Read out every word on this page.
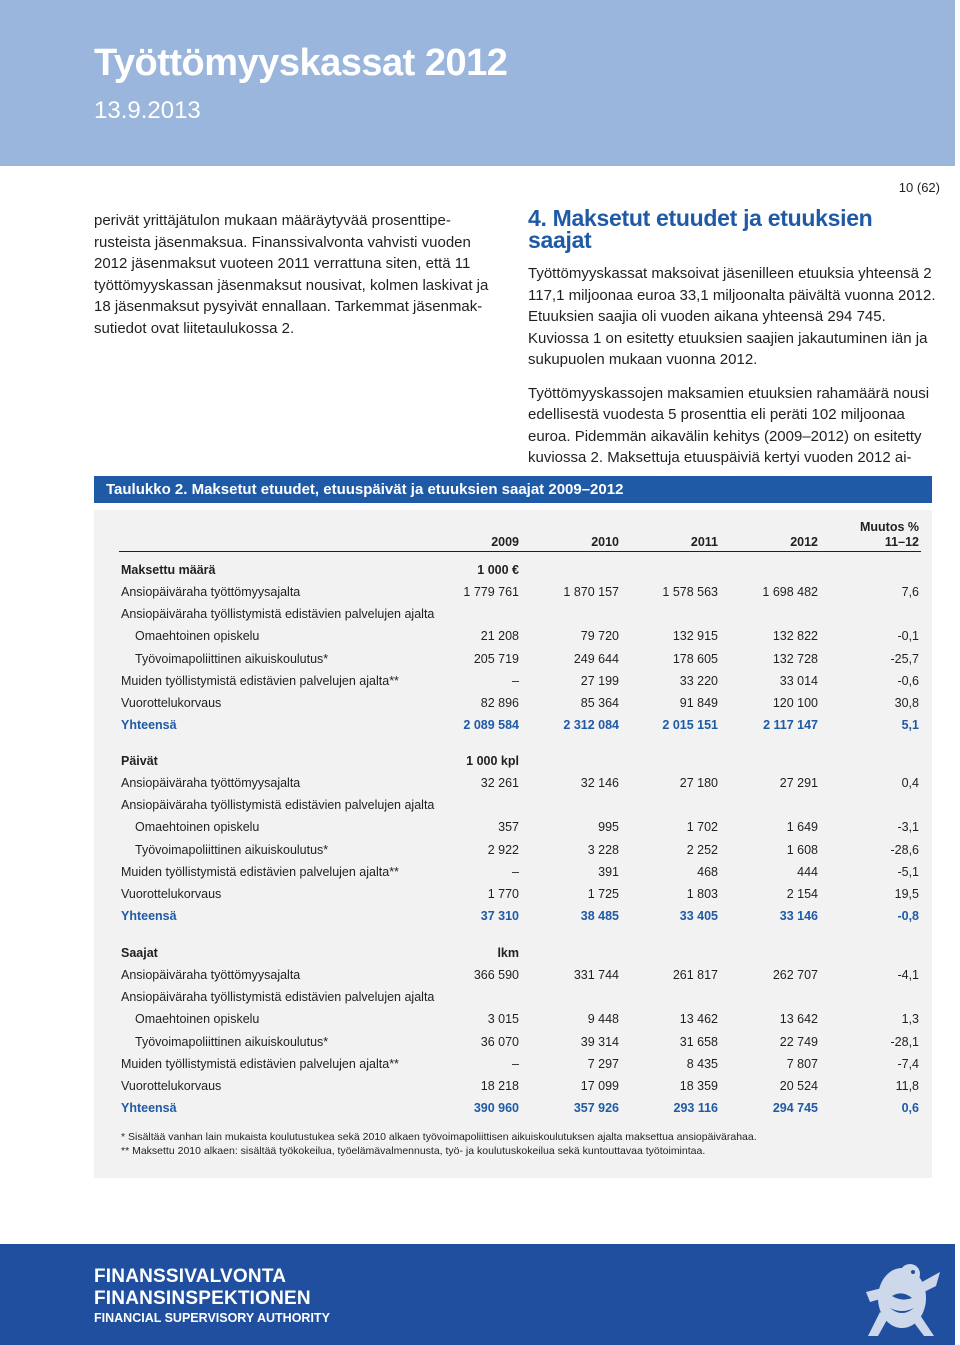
Työttömyyskassat 2012
13.9.2013
10 (62)
perivät yrittäjätulon mukaan määräytyvää prosenttipe-
rusteista jäsenmaksua. Finanssivalvonta vahvisti vuoden 2012 jäsenmaksut vuoteen 2011 verrattuna siten, että 11 työttömyyskassan jäsenmaksut nousivat, kolmen laskivat ja 18 jäsenmaksut pysyivät ennallaan. Tarkemmat jäsenmak-
sutiedot ovat liitetaulukossa 2.
4. Maksetut etuudet ja etuuksien saajat

Työttömyyskassat maksoivat jäsenilleen etuuksia yhteensä 2 117,1 miljoonaa euroa 33,1 miljoonalta päivältä vuonna 2012. Etuuksien saajia oli vuoden aikana yhteensä 294 745. Kuviossa 1 on esitetty etuuksien saajien jakautuminen iän ja sukupuolen mukaan vuonna 2012.

Työttömyyskassojen maksamien etuuksien rahamäärä nousi edellisestä vuodesta 5 prosenttia eli peräti 102 miljoonaa euroa. Pidemmän aikavälin kehitys (2009–2012) on esitetty kuviossa 2. Maksettuja etuuspäiviä kertyi vuoden 2012 ai-

Taulukko 2. Maksetut etuudet, etuuspäivät ja etuuksien saajat 2009–2012
2009	2010	2011	2012
Muutos %
11–12
Maksettu määrä	1 000 €
Ansiopäiväraha työttömyysajalta	1 779 761	1 870 157	1 578 563	1 698 482	7,6
Ansiopäiväraha työllistymistä edistävien palvelujen ajalta
Omaehtoinen opiskelu	21 208	79 720	132 915	132 822	-0,1
Työvoimapoliittinen aikuiskoulutus*	205 719	249 644	178 605	132 728	-25,7
Muiden työllistymistä edistävien palvelujen ajalta**	–	27 199	33 220	33 014	-0,6
Vuorottelukorvaus	82 896	85 364	91 849	120 100	30,8
Yhteensä	2 089 584	2 312 084	2 015 151	2 117 147	5,1
Päivät	1 000 kpl
Ansiopäiväraha työttömyysajalta	32 261	32 146	27 180	27 291	0,4
Ansiopäiväraha työllistymistä edistävien palvelujen ajalta
Omaehtoinen opiskelu	357	995	1 702	1 649	-3,1
Työvoimapoliittinen aikuiskoulutus*	2 922	3 228	2 252	1 608	-28,6
Muiden työllistymistä edistävien palvelujen ajalta**	–	391	468	444	-5,1
Vuorottelukorvaus	1 770	1 725	1 803	2 154	19,5
Yhteensä	37 310	38 485	33 405	33 146	-0,8
Saajat	lkm
Ansiopäiväraha työttömyysajalta	366 590	331 744	261 817	262 707	-4,1
Ansiopäiväraha työllistymistä edistävien palvelujen ajalta
Omaehtoinen opiskelu	3 015	9 448	13 462	13 642	1,3
Työvoimapoliittinen aikuiskoulutus*	36 070	39 314	31 658	22 749	-28,1
Muiden työllistymistä edistävien palvelujen ajalta**	–	7 297	8 435	7 807	-7,4
Vuorottelukorvaus	18 218	17 099	18 359	20 524	11,8
Yhteensä	390 960	357 926	293 116	294 745	0,6
* Sisältää vanhan lain mukaista koulutustukea sekä 2010 alkaen työvoimapoliittisen aikuiskoulutuksen ajalta maksettua ansiopäivärahaa.
** Maksettu 2010 alkaen: sisältää työkokeilua, työelämävalmennusta, työ- ja koulutuskokeilua sekä kuntouttavaa työtoimintaa.
FINANSSIVALVONTA
FINANSINSPEKTIONEN
FINANCIAL SUPERVISORY AUTHORITY
